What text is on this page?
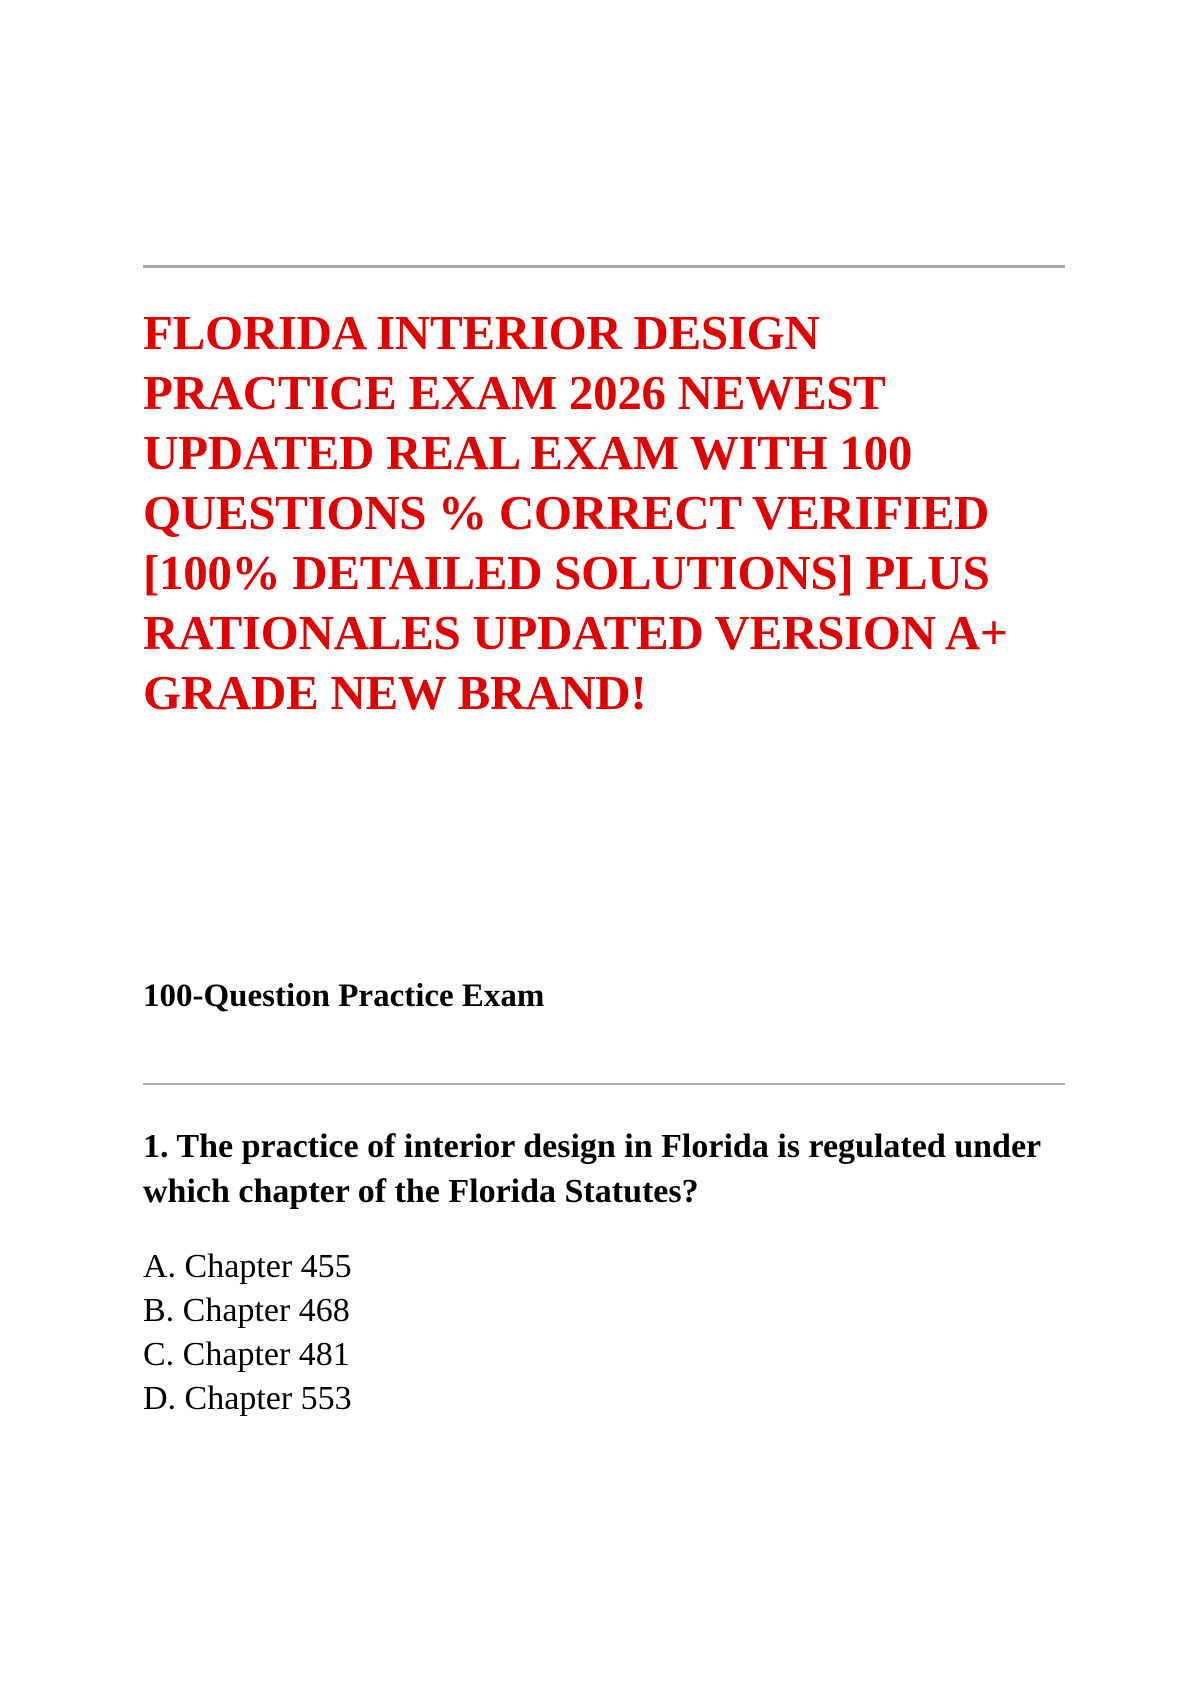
FLORIDA INTERIOR DESIGN PRACTICE EXAM 2026 NEWEST UPDATED REAL EXAM WITH 100 QUESTIONS % CORRECT VERIFIED [100% DETAILED SOLUTIONS] PLUS RATIONALES UPDATED VERSION A+ GRADE NEW BRAND!
100-Question Practice Exam

1. The practice of interior design in Florida is regulated under which chapter of the Florida Statutes?

A. Chapter 455
B. Chapter 468
C. Chapter 481
D. Chapter 553
